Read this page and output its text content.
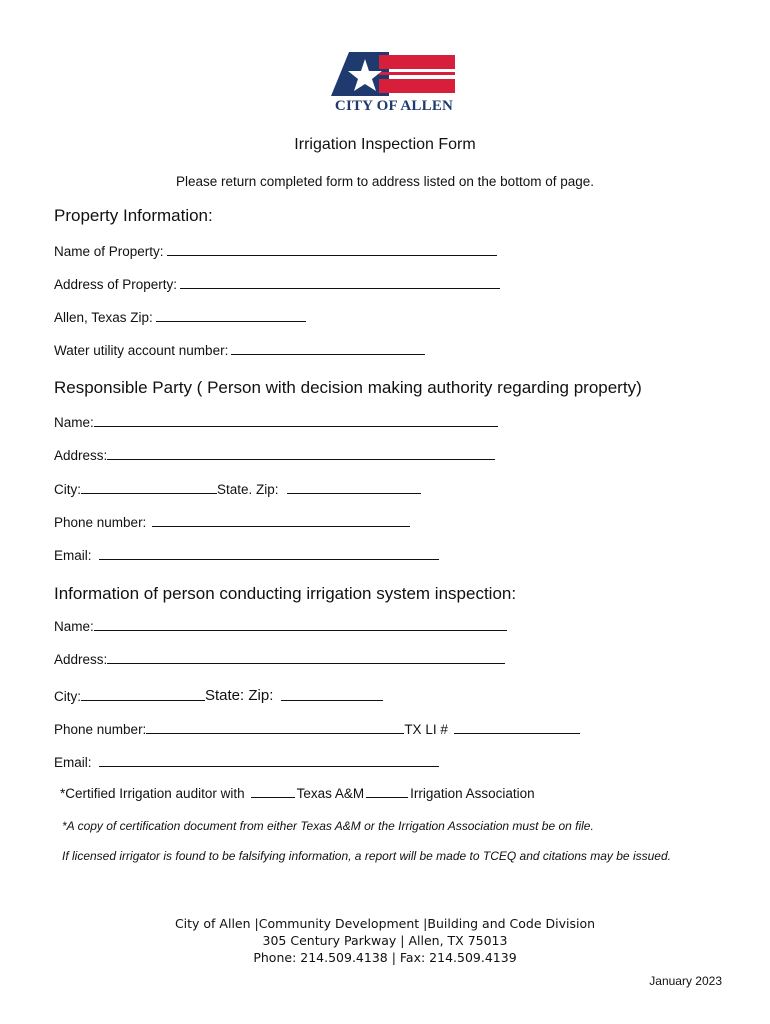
CITY OF ALLEN
Irrigation Inspection Form
Please return completed form to address listed on the bottom of page.
Property Information:
Name of Property:
Address of Property:
Allen, Texas Zip:
Water utility account number:
Responsible Party ( Person with decision making authority regarding property)
Name:
Address:
City:	State. Zip:
Phone number:
Email:
Information of person conducting irrigation system inspection:
Name:
Address:
City:	State: Zip:
Phone number:	TX LI #
Email:
*Certified Irrigation auditor with	Texas A&M	Irrigation Association
*A copy of certification document from either Texas A&M or the Irrigation Association must be on file.
If licensed irrigator is found to be falsifying information, a report will be made to TCEQ and citations may be issued.
City of Allen |Community Development |Building and Code Division
305 Century Parkway | Allen, TX 75013
Phone: 214.509.4138 | Fax: 214.509.4139
January 2023
